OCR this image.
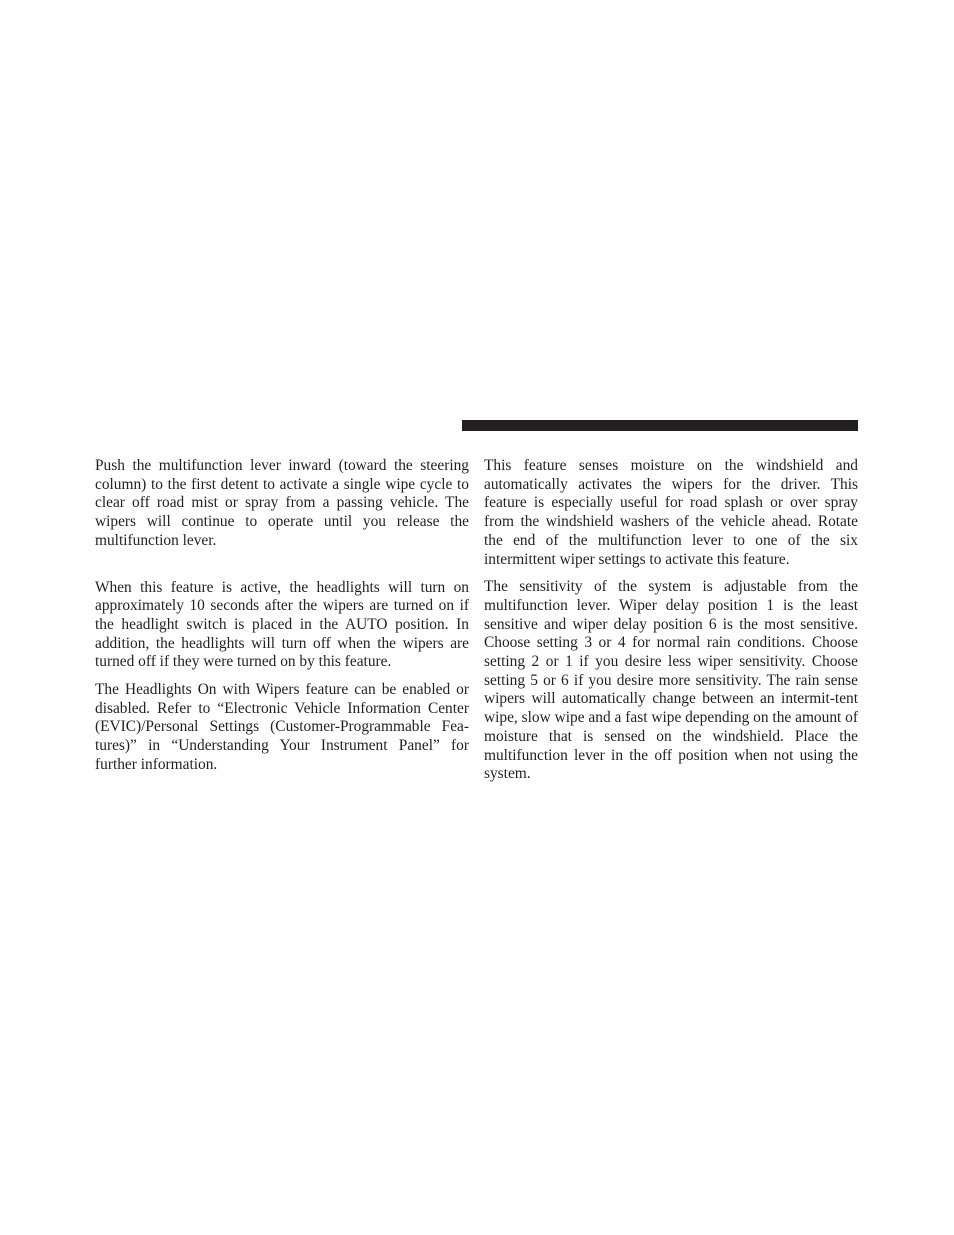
Push the multifunction lever inward (toward the steering column) to the first detent to activate a single wipe cycle to clear off road mist or spray from a passing vehicle. The wipers will continue to operate until you release the multifunction lever.

When this feature is active, the headlights will turn on approximately 10 seconds after the wipers are turned on if the headlight switch is placed in the AUTO position. In addition, the headlights will turn off when the wipers are turned off if they were turned on by this feature.

The Headlights On with Wipers feature can be enabled or disabled. Refer to “Electronic Vehicle Information Center (EVIC)/Personal Settings (Customer-Programmable Fea-tures)” in “Understanding Your Instrument Panel” for further information.

This feature senses moisture on the windshield and automatically activates the wipers for the driver. This feature is especially useful for road splash or over spray from the windshield washers of the vehicle ahead. Rotate the end of the multifunction lever to one of the six intermittent wiper settings to activate this feature.

The sensitivity of the system is adjustable from the multifunction lever. Wiper delay position 1 is the least sensitive and wiper delay position 6 is the most sensitive. Choose setting 3 or 4 for normal rain conditions. Choose setting 2 or 1 if you desire less wiper sensitivity. Choose setting 5 or 6 if you desire more sensitivity. The rain sense wipers will automatically change between an intermit-tent wipe, slow wipe and a fast wipe depending on the amount of moisture that is sensed on the windshield. Place the multifunction lever in the off position when not using the system.
